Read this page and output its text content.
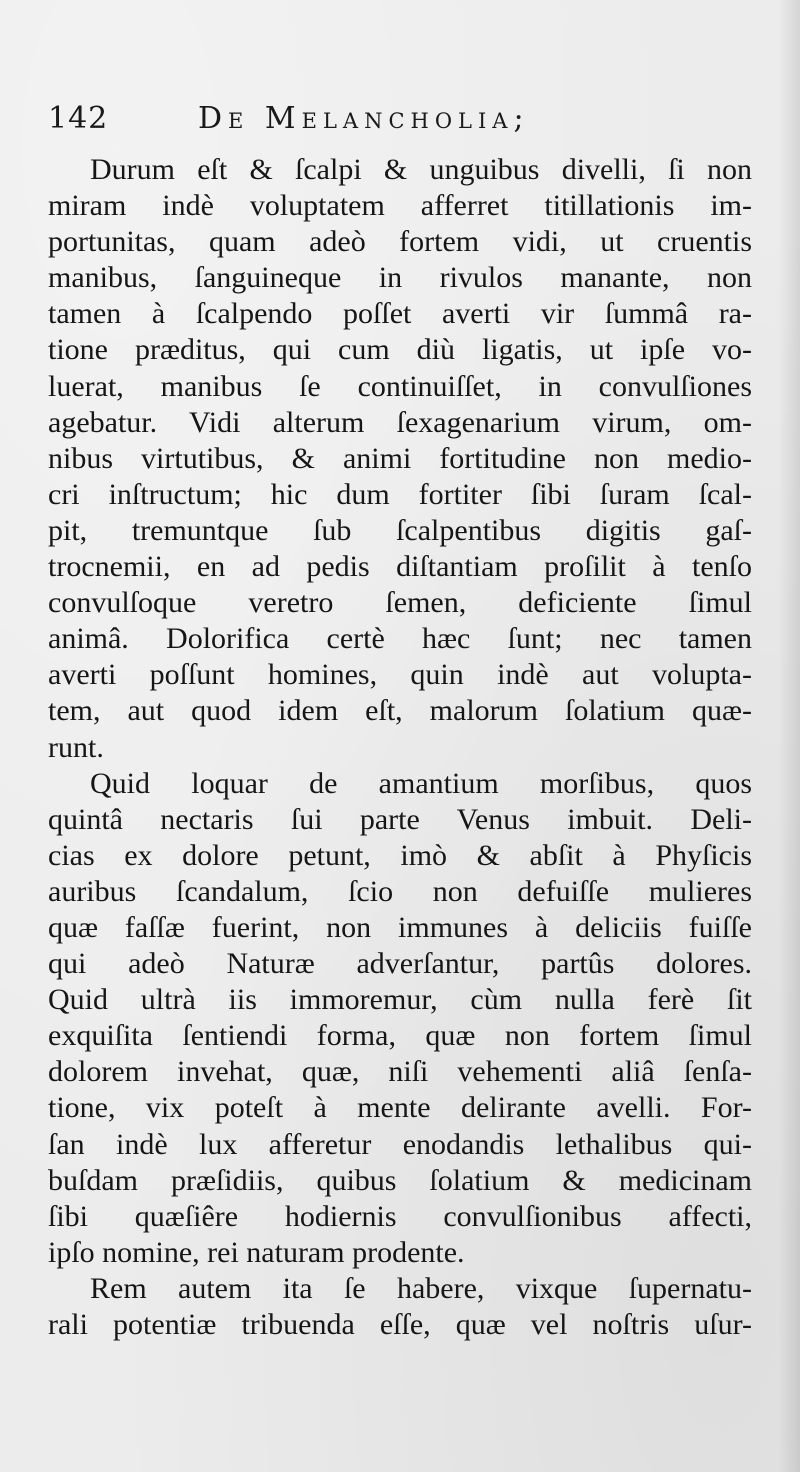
142	De Melancholia;
Durum eſt & ſcalpi & unguibus divelli, ſi non
miram indè voluptatem afferret titillationis im-
portunitas, quam adeò fortem vidi, ut cruentis
manibus, ſanguineque in rivulos manante, non
tamen à ſcalpendo poſſet averti vir ſummâ ra-
tione præditus, qui cum diù ligatis, ut ipſe vo-
luerat, manibus ſe continuiſſet, in convulſiones
agebatur. Vidi alterum ſexagenarium virum, om-
nibus virtutibus, & animi fortitudine non medio-
cri inſtructum; hic dum fortiter ſibi ſuram ſcal-
pit, tremuntque ſub ſcalpentibus digitis gaſ-
trocnemii, en ad pedis diſtantiam proſilit à tenſo
convulſoque veretro ſemen, deficiente ſimul
animâ. Dolorifica certè hæc ſunt; nec tamen
averti poſſunt homines, quin indè aut volupta-
tem, aut quod idem eſt, malorum ſolatium quæ-
runt.
Quid loquar de amantium morſibus, quos
quintâ nectaris ſui parte Venus imbuit. Deli-
cias ex dolore petunt, imò & abſit à Phyſicis
auribus ſcandalum, ſcio non defuiſſe mulieres
quæ faſſæ fuerint, non immunes à deliciis fuiſſe
qui adeò Naturæ adverſantur, partûs dolores.
Quid ultrà iis immoremur, cùm nulla ferè ſit
exquiſita ſentiendi forma, quæ non fortem ſimul
dolorem invehat, quæ, niſi vehementi aliâ ſenſa-
tione, vix poteſt à mente delirante avelli. For-
ſan indè lux afferetur enodandis lethalibus qui-
buſdam præſidiis, quibus ſolatium & medicinam
ſibi quæſiêre hodiernis convulſionibus affecti,
ipſo nomine, rei naturam prodente.
Rem autem ita ſe habere, vixque ſupernatu-
rali potentiæ tribuenda eſſe, quæ vel noſtris uſur-
